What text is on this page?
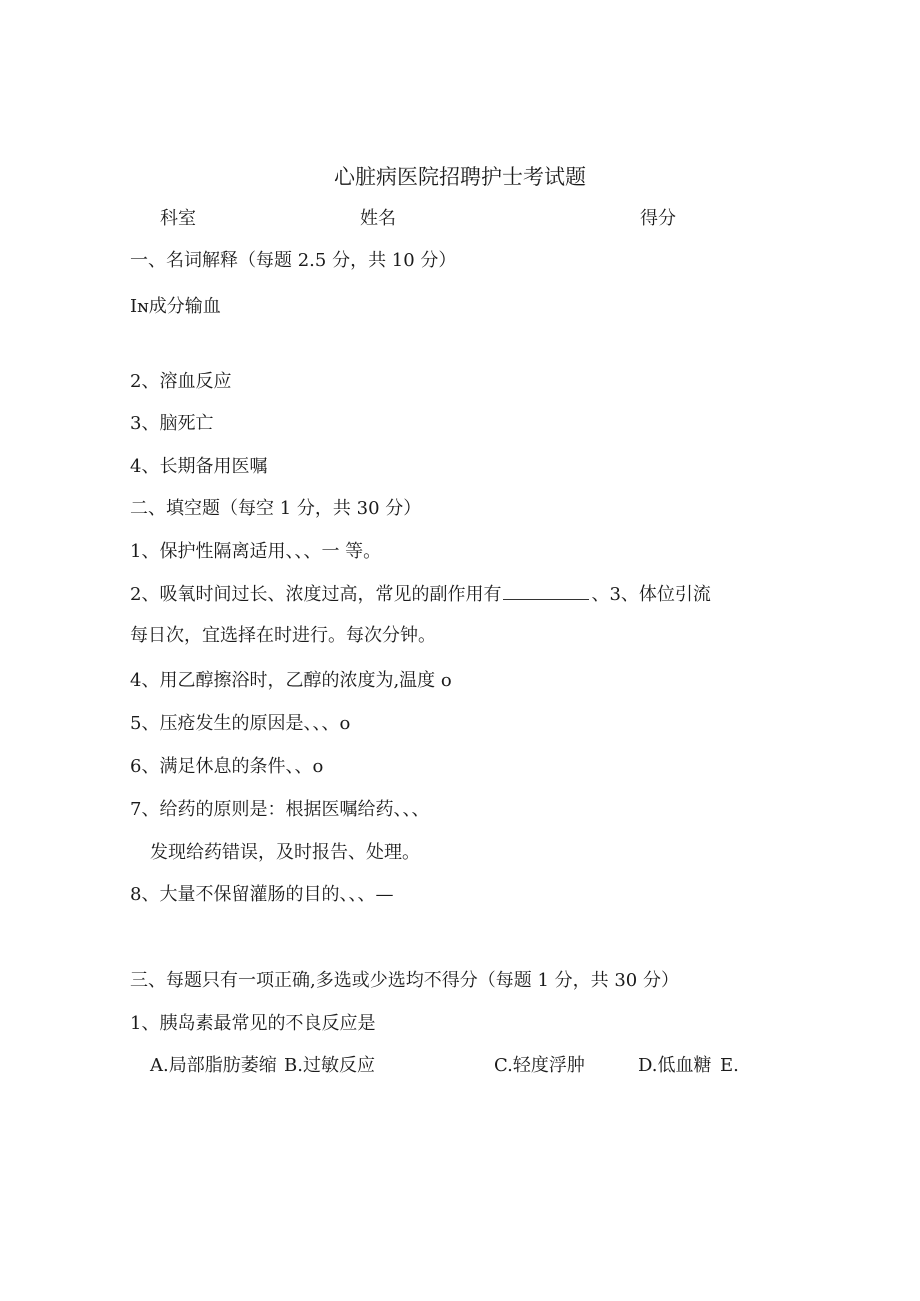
心脏病医院招聘护士考试题
科室	姓名	得分
一、名词解释（每题 2.5 分，共 10 分）
Iɴ成分输血
2、溶血反应
3、脑死亡
4、长期备用医嘱
二、填空题（每空 1 分，共 30 分）
1、保护性隔离适用、、、一 等。
2、吸氧时间过长、浓度过高，常见的副作用有	、3、体位引流
每日次，宜选择在时进行。每次分钟。
4、用乙醇擦浴时，乙醇的浓度为,温度 o
5、压疮发生的原因是、、、o
6、满足休息的条件、、o
7、给药的原则是：根据医嘱给药、、、
发现给药错误，及时报告、处理。
8、大量不保留灌肠的目的、、、—
三、每题只有一项正确,多选或少选均不得分（每题 1 分，共 30 分）
1、胰岛素最常见的不良反应是
A.局部脂肪萎缩 B.过敏反应	C.轻度浮肿	D.低血糖 E.
